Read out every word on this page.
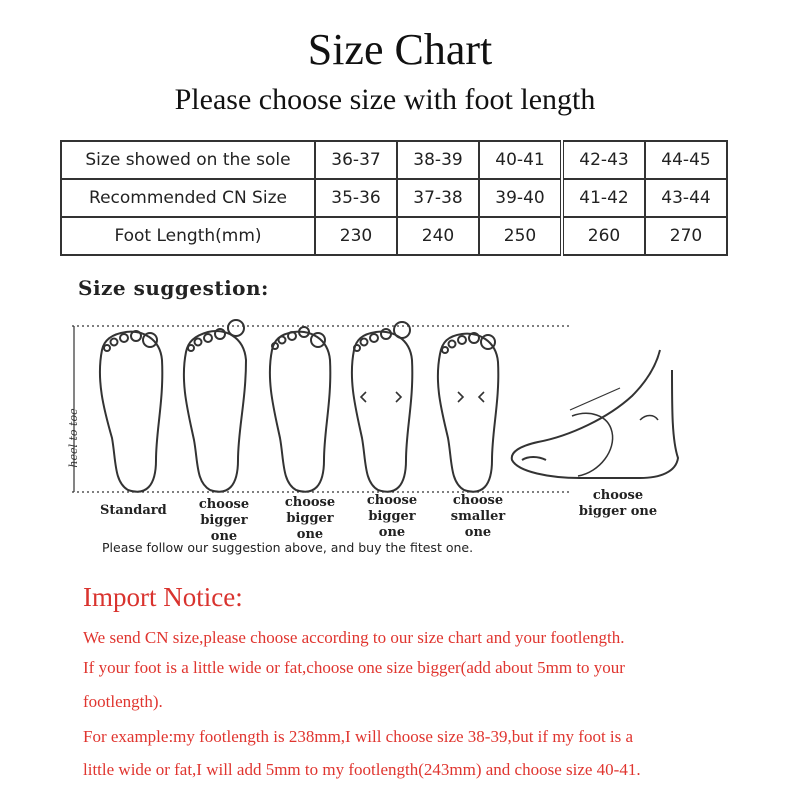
Size Chart
Please choose size with foot length
Size showed on the sole	36-37	38-39	40-41	42-43	44-45
Recommended CN Size	35-36	37-38	39-40	41-42	43-44
Foot Length(mm)	230	240	250	260	270
Size suggestion:
heel to toe
Standard	choose
bigger one
choose
bigger one
choose
bigger one
choose
smaller one
choose
bigger one
Please follow our suggestion above, and buy the fitest one.
Import Notice:
We send CN size,please choose according to our size chart and your footlength.
If your foot is a little wide or fat,choose one size bigger(add about 5mm to your
footlength).
For example:my footlength is 238mm,I will choose size 38-39,but if my foot is a
little wide or fat,I will add 5mm to my footlength(243mm) and choose size 40-41.
